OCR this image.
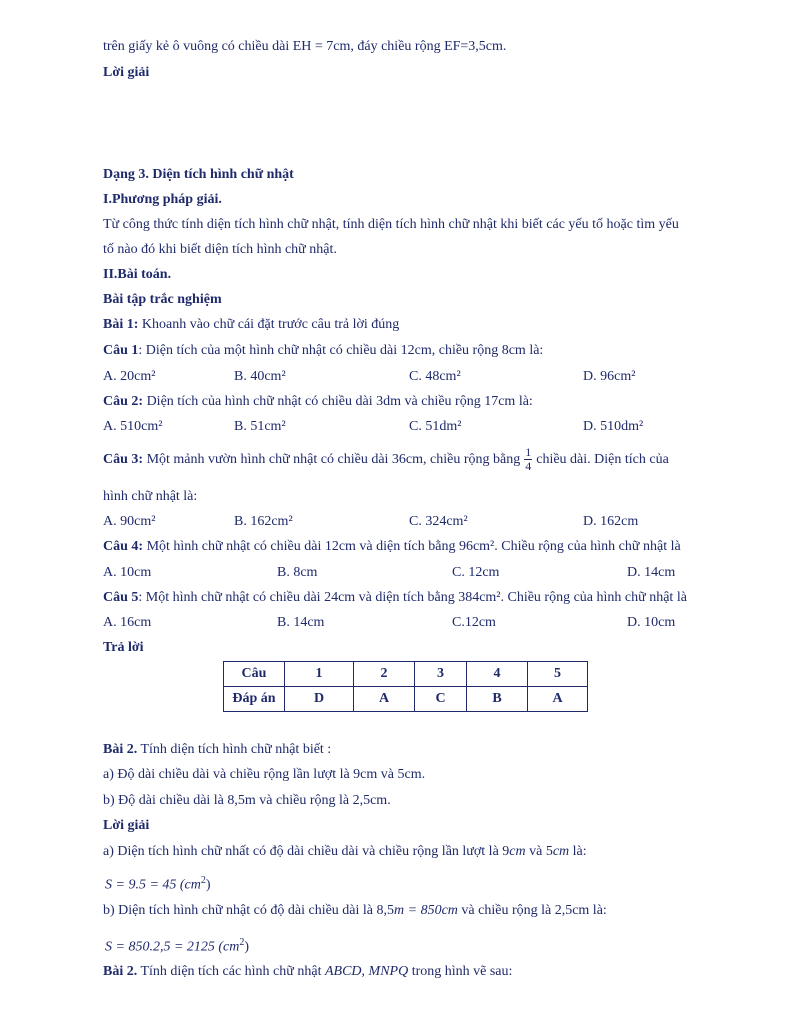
trên giấy kẻ ô vuông có chiều dài EH = 7cm, đáy chiều rộng EF=3,5cm.
Lời giải
Dạng 3. Diện tích hình chữ nhật
I.Phương pháp giải.
Từ công thức tính diện tích hình chữ nhật, tính diện tích hình chữ nhật khi biết các yếu tố hoặc tìm yếu
tố nào đó khi biết diện tích hình chữ nhật.
II.Bài toán.
Bài tập trắc nghiệm
Bài 1: Khoanh vào chữ cái đặt trước câu trả lời đúng
Câu 1: Diện tích của một hình chữ nhật có chiều dài 12cm, chiều rộng 8cm là:
A. 20cm²	B. 40cm²	C. 48cm²	D. 96cm²
Câu 2: Diện tích của hình chữ nhật có chiều dài 3dm và chiều rộng 17cm là:
A. 510cm²	B. 51cm²	C. 51dm²	D. 510dm²
Câu 3: Một mảnh vườn hình chữ nhật có chiều dài 36cm, chiều rộng bằng $\frac{1}{4}$ chiều dài. Diện tích của
hình chữ nhật là:
A. 90cm²	B. 162cm²	C. 324cm²	D. 162cm
Câu 4: Một hình chữ nhật có chiều dài 12cm và diện tích bằng 96cm². Chiều rộng của hình chữ nhật là
A. 10cm	B. 8cm	C. 12cm	D. 14cm
Câu 5: Một hình chữ nhật có chiều dài 24cm và diện tích bằng 384cm². Chiều rộng của hình chữ nhật là
A. 16cm	B. 14cm	C.12cm	D. 10cm
Trả lời
Câu	1	2	3	4	5
Đáp án	D	A	C	B	A
Bài 2. Tính diện tích hình chữ nhật biết :
a) Độ dài chiều dài và chiều rộng lần lượt là 9cm và 5cm.
b) Độ dài chiều dài là 8,5m và chiều rộng là 2,5cm.
Lời giải
a) Diện tích hình chữ nhất có độ dài chiều dài và chiều rộng lần lượt là 9cm và 5cm là:
S = 9.5 = 45 $(cm^2)$
b) Diện tích hình chữ nhật có độ dài chiều dài là 8,5m = 850cm và chiều rộng là 2,5cm là:
S = 850.2,5 = 2125 $(cm^2)$
Bài 2. Tính diện tích các hình chữ nhật ABCD, MNPQ trong hình vẽ sau:
